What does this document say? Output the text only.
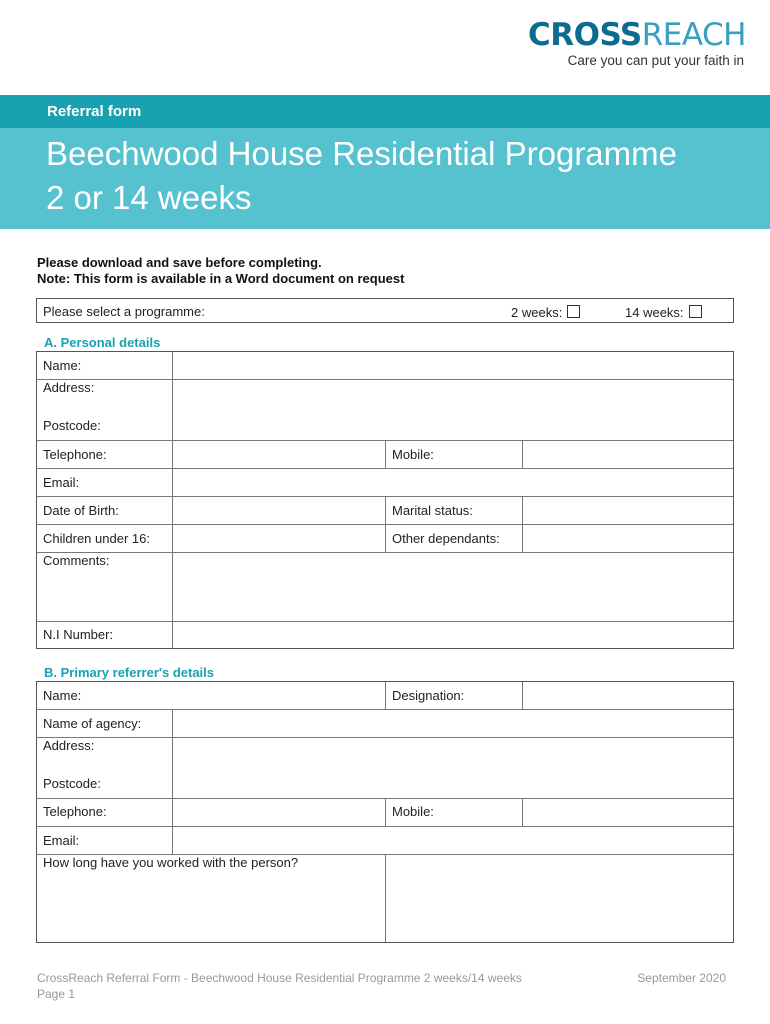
CROSSREACH
Care you can put your faith in
Referral form
Beechwood House Residential Programme
2 or 14 weeks
Please download and save before completing.
Note: This form is available in a Word document on request
Please select a programme:	2 weeks:	14 weeks:
A. Personal details
Name:
Address:
Postcode:
Telephone:	Mobile:
Email:
Date of Birth:	Marital status:
Children under 16:	Other dependants:
Comments:
N.I Number:
B. Primary referrer's details
Name:	Designation:
Name of agency:
Address:
Postcode:
Telephone:	Mobile:
Email:
How long have you worked with the person?
CrossReach Referral Form - Beechwood House Residential Programme 2 weeks/14 weeks
Page 1
September 2020
